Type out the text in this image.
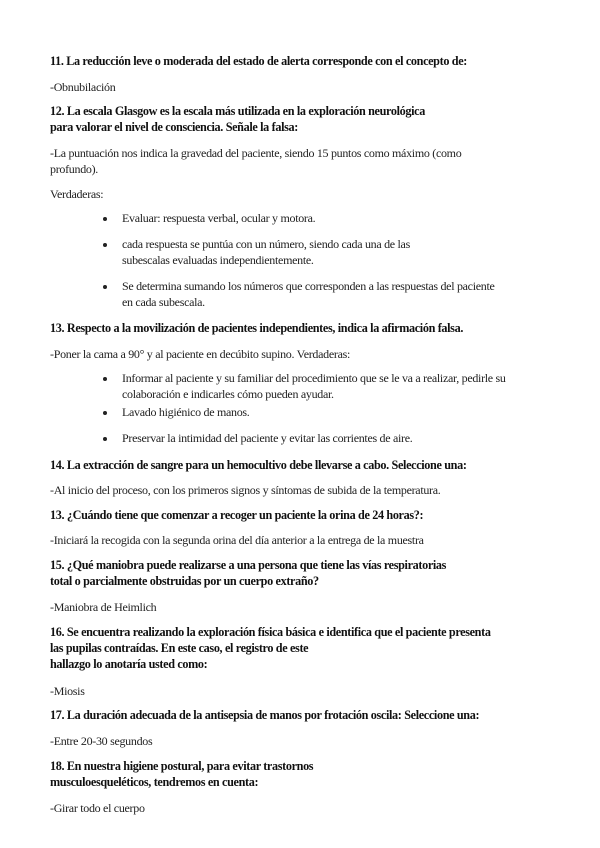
11. La reducción leve o moderada del estado de alerta corresponde con el concepto de:
-Obnubilación
12. La escala Glasgow es la escala más utilizada en la exploración neurológica
para valorar el nivel de consciencia. Señale la falsa:
-La puntuación nos indica la gravedad del paciente, siendo 15 puntos como máximo (como
profundo).
Verdaderas:
Evaluar: respuesta verbal, ocular y motora.
cada respuesta se puntúa con un número, siendo cada una de las
subescalas evaluadas independientemente.
Se determina sumando los números que corresponden a las respuestas del paciente
en cada subescala.
13. Respecto a la movilización de pacientes independientes, indica la afirmación falsa.
-Poner la cama a 90° y al paciente en decúbito supino. Verdaderas:
Informar al paciente y su familiar del procedimiento que se le va a realizar, pedirle su
colaboración e indicarles cómo pueden ayudar.
Lavado higiénico de manos.
Preservar la intimidad del paciente y evitar las corrientes de aire.
14. La extracción de sangre para un hemocultivo debe llevarse a cabo. Seleccione una:
-Al inicio del proceso, con los primeros signos y síntomas de subida de la temperatura.
13. ¿Cuándo tiene que comenzar a recoger un paciente la orina de 24 horas?:
-Iniciará la recogida con la segunda orina del día anterior a la entrega de la muestra
15. ¿Qué maniobra puede realizarse a una persona que tiene las vías respiratorias
total o parcialmente obstruidas por un cuerpo extraño?
-Maniobra de Heimlich
16. Se encuentra realizando la exploración física básica e identifica que el paciente presenta
las pupilas contraídas. En este caso, el registro de este
hallazgo lo anotaría usted como:
-Miosis
17. La duración adecuada de la antisepsia de manos por frotación oscila: Seleccione una:
-Entre 20-30 segundos
18. En nuestra higiene postural, para evitar trastornos
musculoesqueléticos, tendremos en cuenta:
-Girar todo el cuerpo
